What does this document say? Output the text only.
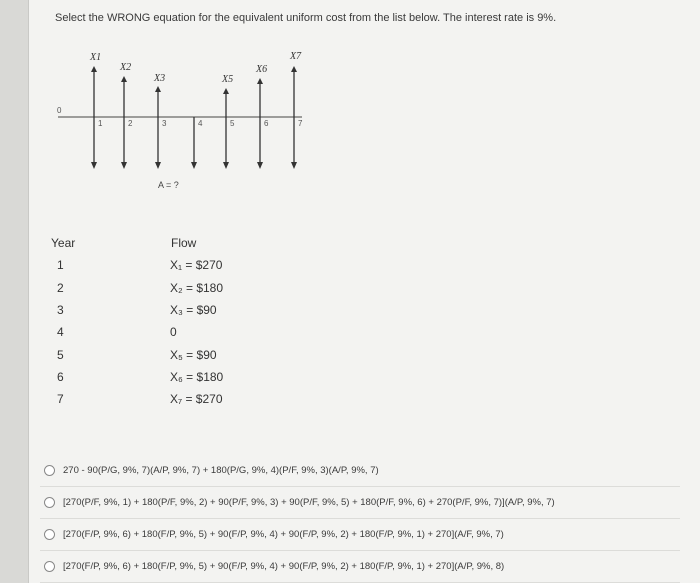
Select the WRONG equation for the equivalent uniform cost from the list below. The interest rate is 9%.
0
1	2	3	4	5	6	7
X1
X2
X3	X5
X6
X7
A = ?
Year	Flow
1	X₁ = $270
2	X₂ = $180
3	X₃ = $90
4	0
5	X₅ = $90
6	X₆ = $180
7	X₇ = $270
270 - 90(P/G, 9%, 7)(A/P, 9%, 7) + 180(P/G, 9%, 4)(P/F, 9%, 3)(A/P, 9%, 7)
[270(P/F, 9%, 1) + 180(P/F, 9%, 2) + 90(P/F, 9%, 3) + 90(P/F, 9%, 5) + 180(P/F, 9%, 6) + 270(P/F, 9%, 7)](A/P, 9%, 7)
[270(F/P, 9%, 6) + 180(F/P, 9%, 5) + 90(F/P, 9%, 4) + 90(F/P, 9%, 2) + 180(F/P, 9%, 1) + 270](A/F, 9%, 7)
[270(F/P, 9%, 6) + 180(F/P, 9%, 5) + 90(F/P, 9%, 4) + 90(F/P, 9%, 2) + 180(F/P, 9%, 1) + 270](A/P, 9%, 8)
